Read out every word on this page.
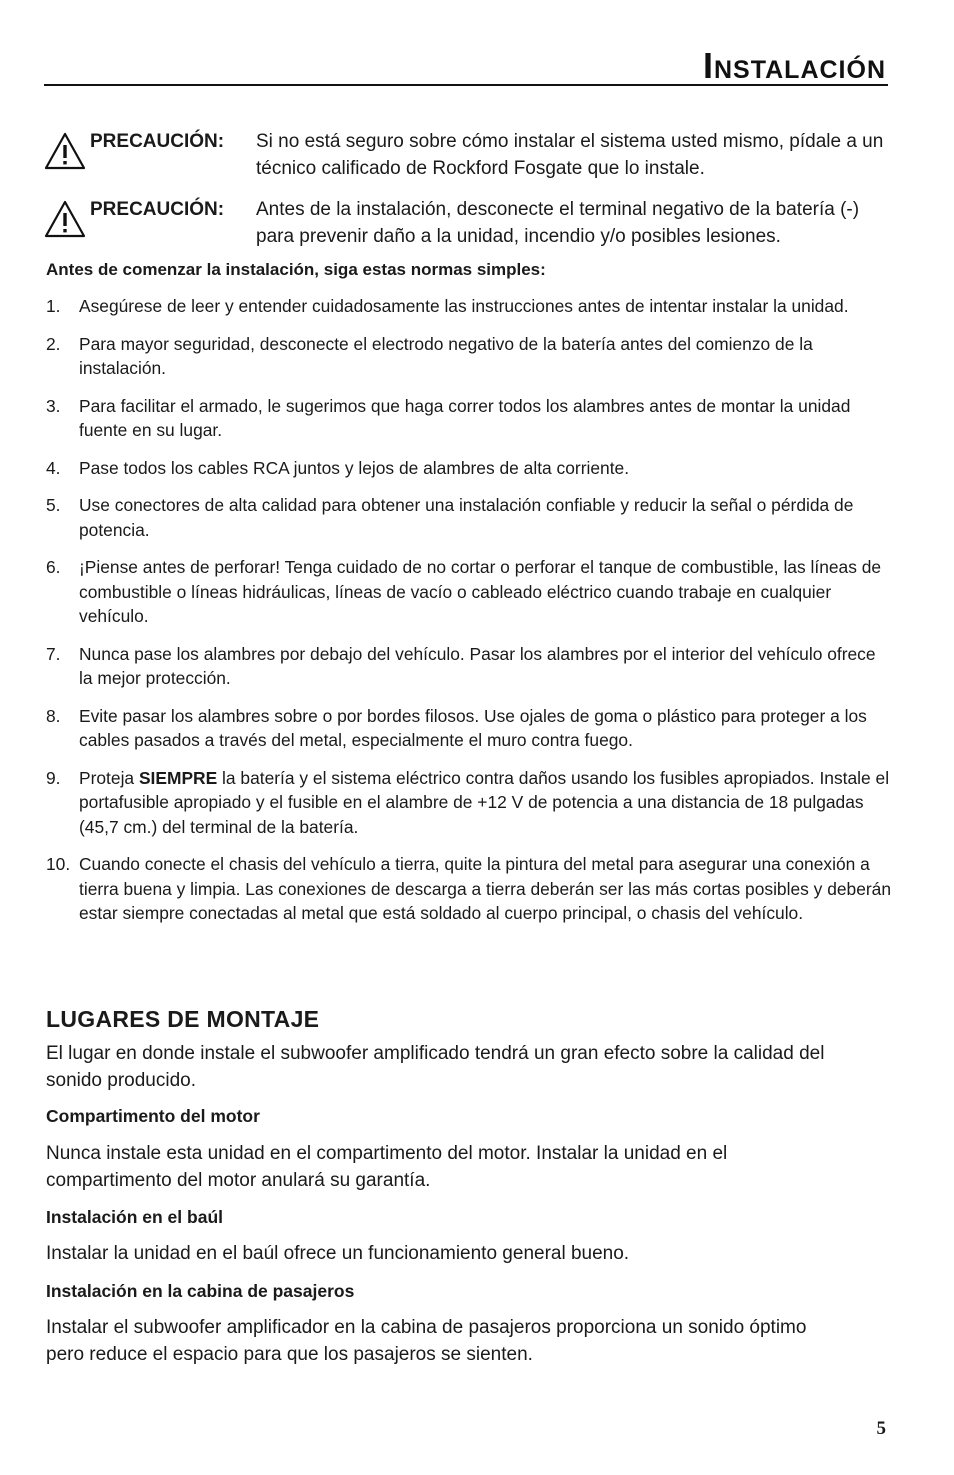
Instalación
PRECAUCIÓN: Si no está seguro sobre cómo instalar el sistema usted mismo, pídale a un técnico calificado de Rockford Fosgate que lo instale.
PRECAUCIÓN: Antes de la instalación, desconecte el terminal negativo de la batería (-) para prevenir daño a la unidad, incendio y/o posibles lesiones.
Antes de comenzar la instalación, siga estas normas simples:
1. Asegúrese de leer y entender cuidadosamente las instrucciones antes de intentar instalar la unidad.
2. Para mayor seguridad, desconecte el electrodo negativo de la batería antes del comienzo de la instalación.
3. Para facilitar el armado, le sugerimos que haga correr todos los alambres antes de montar la unidad fuente en su lugar.
4. Pase todos los cables RCA juntos y lejos de alambres de alta corriente.
5. Use conectores de alta calidad para obtener una instalación confiable y reducir la señal o pérdida de potencia.
6. ¡Piense antes de perforar! Tenga cuidado de no cortar o perforar el tanque de combustible, las líneas de combustible o líneas hidráulicas, líneas de vacío o cableado eléctrico cuando trabaje en cualquier vehículo.
7. Nunca pase los alambres por debajo del vehículo. Pasar los alambres por el interior del vehículo ofrece la mejor protección.
8. Evite pasar los alambres sobre o por bordes filosos. Use ojales de goma o plástico para proteger a los cables pasados a través del metal, especialmente el muro contra fuego.
9. Proteja SIEMPRE la batería y el sistema eléctrico contra daños usando los fusibles apropiados. Instale el portafusible apropiado y el fusible en el alambre de +12 V de potencia a una distancia de 18 pulgadas (45,7 cm.) del terminal de la batería.
10. Cuando conecte el chasis del vehículo a tierra, quite la pintura del metal para asegurar una conexión a tierra buena y limpia. Las conexiones de descarga a tierra deberán ser las más cortas posibles y deberán estar siempre conectadas al metal que está soldado al cuerpo principal, o chasis del vehículo.
LUGARES DE MONTAJE
El lugar en donde instale el subwoofer amplificado tendrá un gran efecto sobre la calidad del sonido producido.
Compartimento del motor
Nunca instale esta unidad en el compartimento del motor. Instalar la unidad en el compartimento del motor anulará su garantía.
Instalación en el baúl
Instalar la unidad en el baúl ofrece un funcionamiento general bueno.
Instalación en la cabina de pasajeros
Instalar el subwoofer amplificador en la cabina de pasajeros proporciona un sonido óptimo pero reduce el espacio para que los pasajeros se sienten.
5
